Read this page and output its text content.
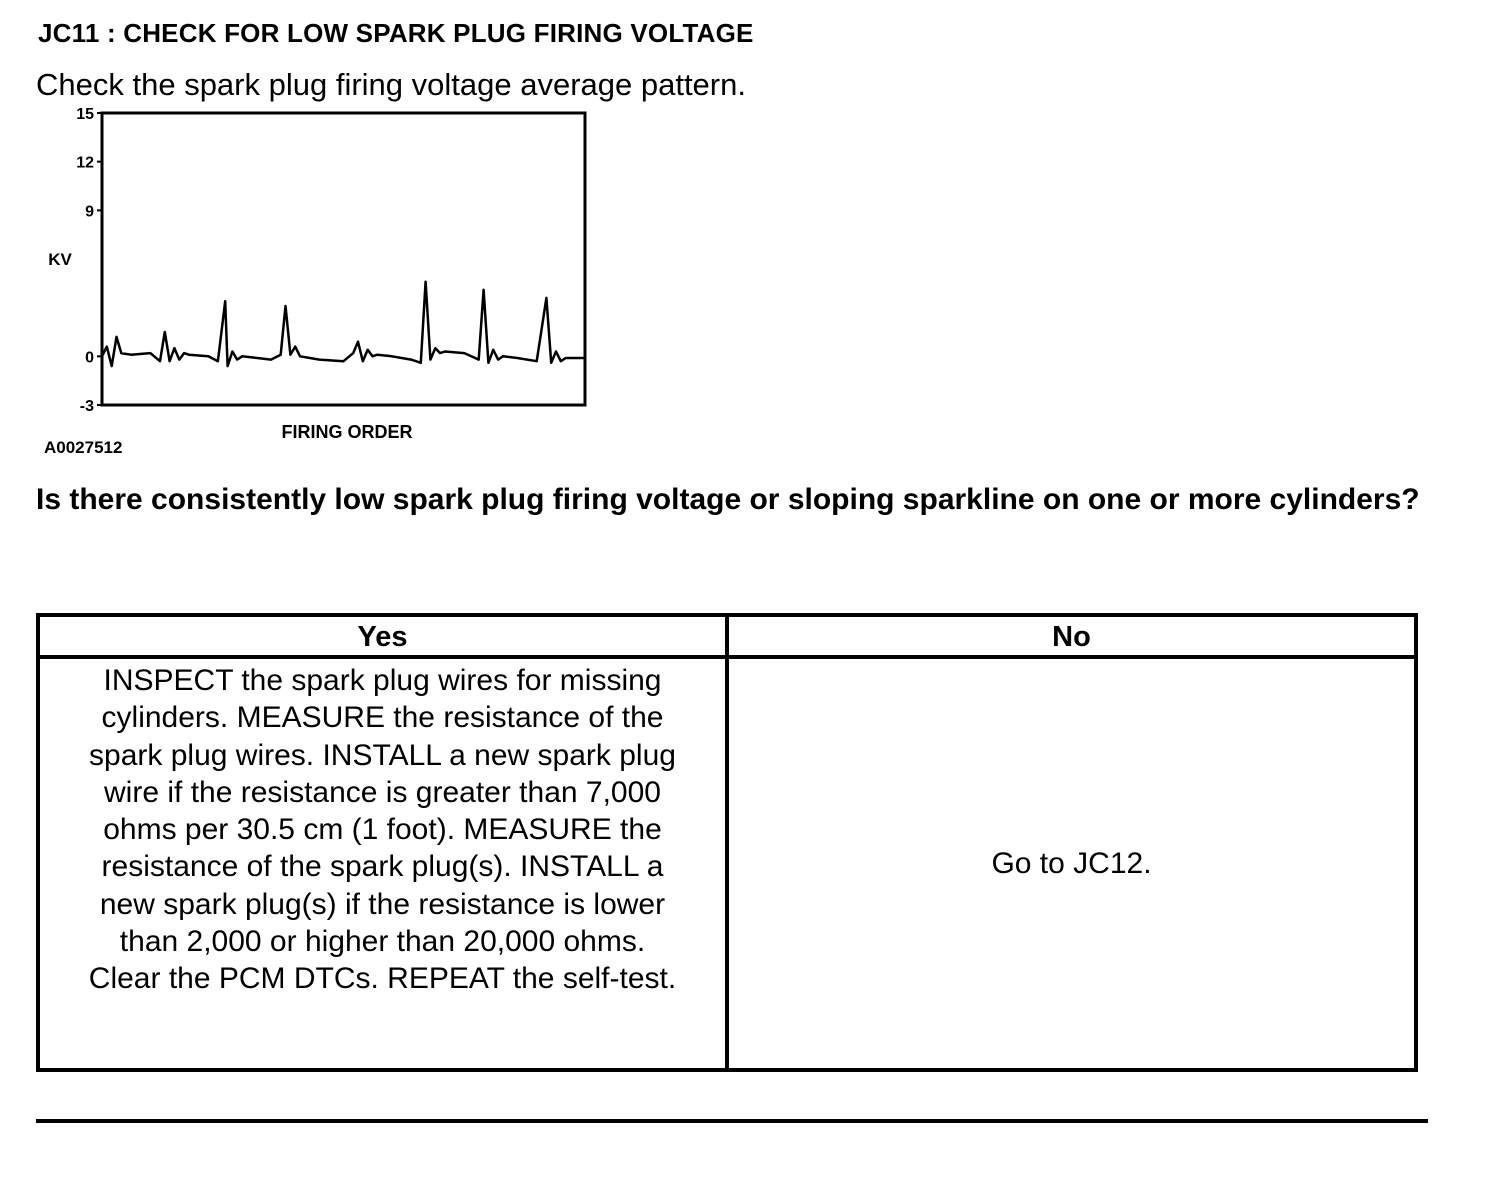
JC11 : CHECK FOR LOW SPARK PLUG FIRING VOLTAGE
Check the spark plug firing voltage average pattern.
15
12
9
0
-3
KV
FIRING ORDER
A0027512
Is there consistently low spark plug firing voltage or sloping sparkline on one or more cylinders?
Yes	No
INSPECT the spark plug wires for missing
cylinders. MEASURE the resistance of the
spark plug wires. INSTALL a new spark plug
wire if the resistance is greater than 7,000
ohms per 30.5 cm (1 foot). MEASURE the
resistance of the spark plug(s). INSTALL a
new spark plug(s) if the resistance is lower
than 2,000 or higher than 20,000 ohms.
Clear the PCM DTCs. REPEAT the self-test.
Go to JC12.
